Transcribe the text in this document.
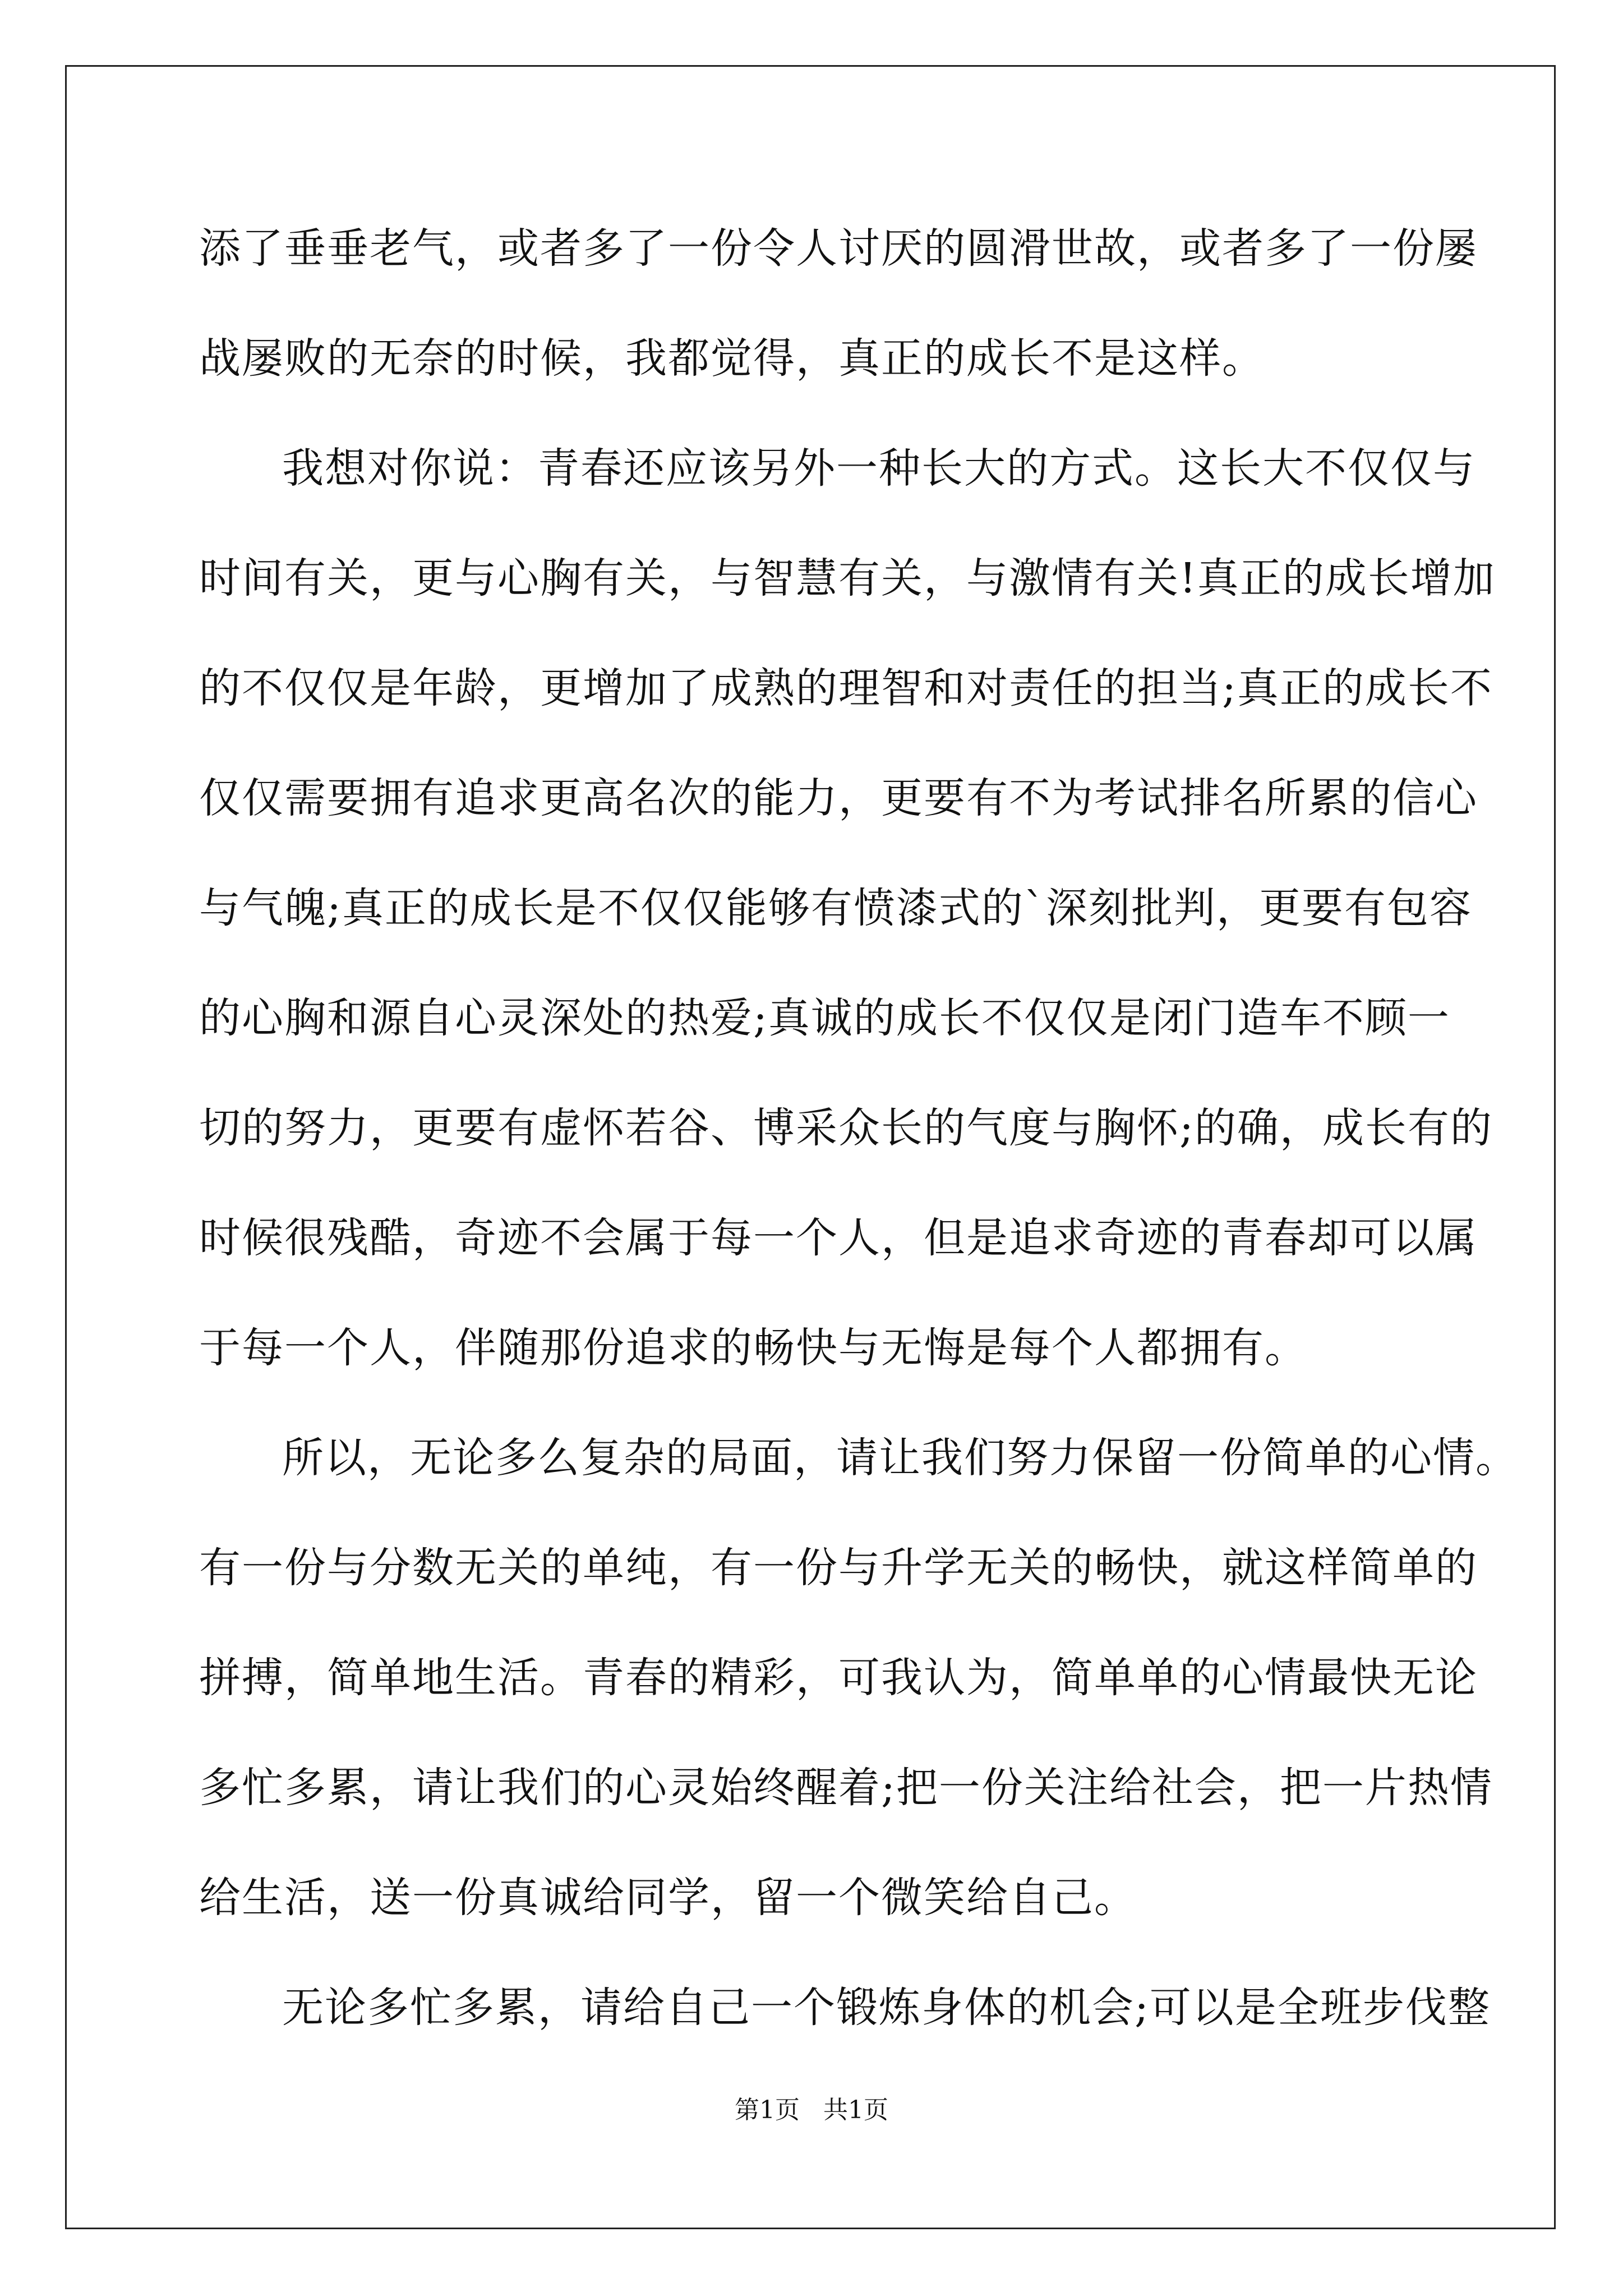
添了垂垂老气，或者多了一份令人讨厌的圆滑世故，或者多了一份屡
战屡败的无奈的时候，我都觉得，真正的成长不是这样。
我想对你说：青春还应该另外一种长大的方式。这长大不仅仅与
时间有关，更与心胸有关，与智慧有关，与激情有关!真正的成长增加
的不仅仅是年龄，更增加了成熟的理智和对责任的担当;真正的成长不
仅仅需要拥有追求更高名次的能力，更要有不为考试排名所累的信心
与气魄;真正的成长是不仅仅能够有愤漆式的`深刻批判，更要有包容
的心胸和源自心灵深处的热爱;真诚的成长不仅仅是闭门造车不顾一
切的努力，更要有虚怀若谷、博采众长的气度与胸怀;的确，成长有的
时候很残酷，奇迹不会属于每一个人，但是追求奇迹的青春却可以属
于每一个人，伴随那份追求的畅快与无悔是每个人都拥有。
所以，无论多么复杂的局面，请让我们努力保留一份简单的心情。
有一份与分数无关的单纯，有一份与升学无关的畅快，就这样简单的
拼搏，简单地生活。青春的精彩，可我认为，简单单的心情最快无论
多忙多累，请让我们的心灵始终醒着;把一份关注给社会，把一片热情
给生活，送一份真诚给同学，留一个微笑给自己。
无论多忙多累，请给自己一个锻炼身体的机会;可以是全班步伐整
第1页   共1页
